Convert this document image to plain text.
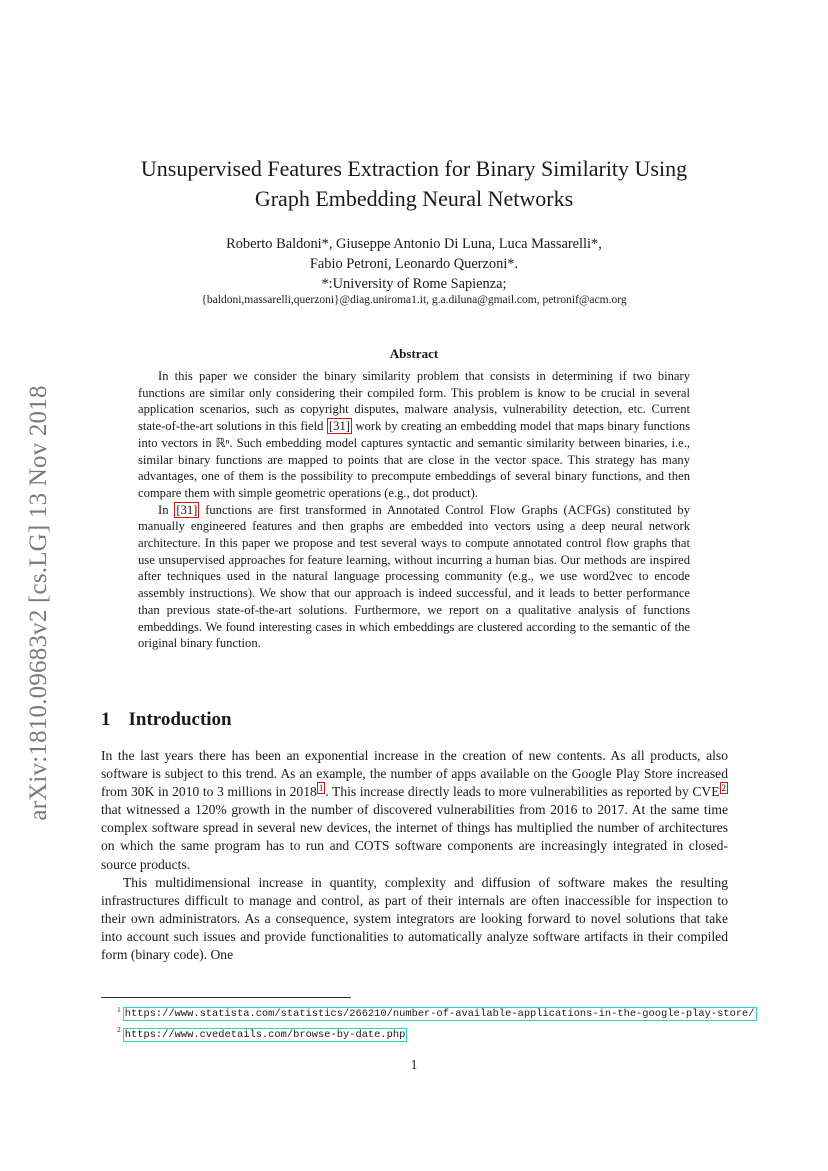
arXiv:1810.09683v2 [cs.LG] 13 Nov 2018
Unsupervised Features Extraction for Binary Similarity Using
Graph Embedding Neural Networks
Roberto Baldoni*, Giuseppe Antonio Di Luna, Luca Massarelli*,
Fabio Petroni, Leonardo Querzoni*.
*:University of Rome Sapienza;
{baldoni,massarelli,querzoni}@diag.uniroma1.it, g.a.diluna@gmail.com, petronif@acm.org
Abstract

In this paper we consider the binary similarity problem that consists in determining if two binary functions are similar only considering their compiled form. This problem is know to be crucial in several application scenarios, such as copyright disputes, malware analysis, vulnerability detection, etc. Current state-of-the-art solutions in this field [31] work by creating an embedding model that maps binary functions into vectors in ℝⁿ. Such embedding model captures syntactic and semantic similarity between binaries, i.e., similar binary functions are mapped to points that are close in the vector space. This strategy has many advantages, one of them is the possibility to precompute embeddings of several binary functions, and then compare them with simple geometric operations (e.g., dot product).

In [31] functions are first transformed in Annotated Control Flow Graphs (ACFGs) constituted by manually engineered features and then graphs are embedded into vectors using a deep neural network architecture. In this paper we propose and test several ways to compute annotated control flow graphs that use unsupervised approaches for feature learning, without incurring a human bias. Our methods are inspired after techniques used in the natural language processing community (e.g., we use word2vec to encode assembly instructions). We show that our approach is indeed successful, and it leads to better performance than previous state-of-the-art solutions. Furthermore, we report on a qualitative analysis of functions embeddings. We found interesting cases in which embeddings are clustered according to the semantic of the original binary function.

1 Introduction

In the last years there has been an exponential increase in the creation of new contents. As all products, also software is subject to this trend. As an example, the number of apps available on the Google Play Store increased from 30K in 2010 to 3 millions in 2018 $^1$ . This increase directly leads to more vulnerabilities as reported by CVE $^2$ that witnessed a 120% growth in the number of discovered vulnerabilities from 2016 to 2017. At the same time complex software spread in several new devices, the internet of things has multiplied the number of architectures on which the same program has to run and COTS software components are increasingly integrated in closed-source products.

This multidimensional increase in quantity, complexity and diffusion of software makes the resulting infrastructures difficult to manage and control, as part of their internals are often inaccessible for inspection to their own administrators. As a consequence, system integrators are looking forward to novel solutions that take into account such issues and provide functionalities to automatically analyze software artifacts in their compiled form (binary code). One

$^1$ https://www.statista.com/statistics/266210/number-of-available-applications-in-the-google-play-store/
$^2$ https://www.cvedetails.com/browse-by-date.php
1
